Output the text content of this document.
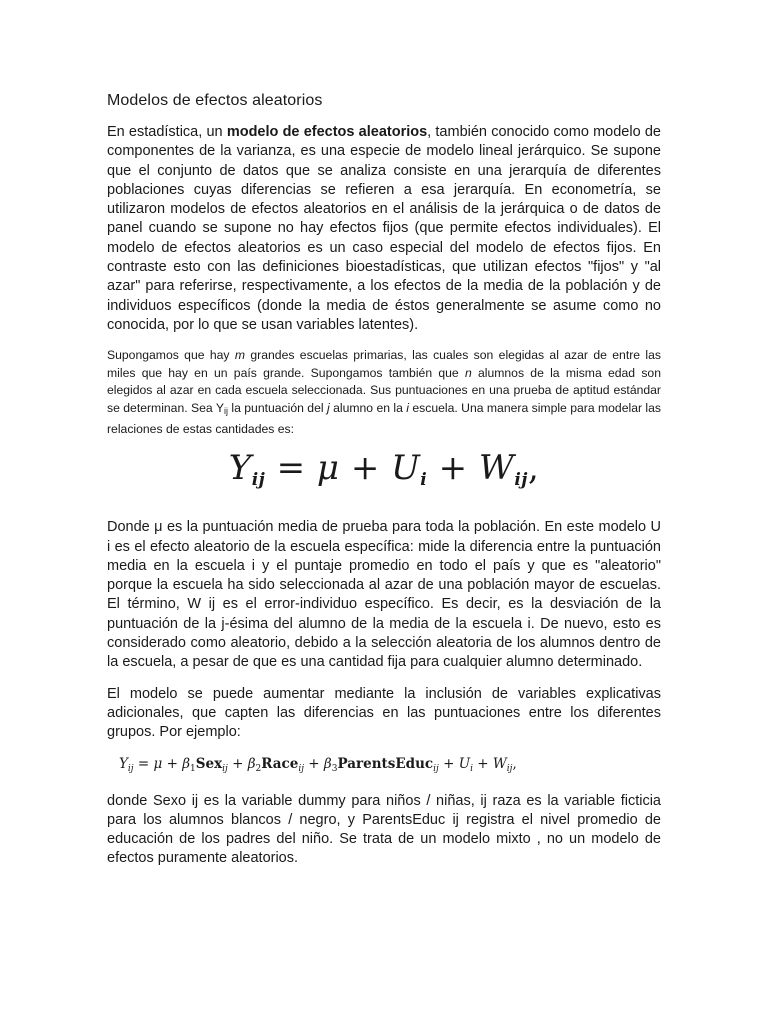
Modelos de efectos aleatorios

En estadística, un modelo de efectos aleatorios, también conocido como modelo de componentes de la varianza, es una especie de modelo lineal jerárquico. Se supone que el conjunto de datos que se analiza consiste en una jerarquía de diferentes poblaciones cuyas diferencias se refieren a esa jerarquía. En econometría, se utilizaron modelos de efectos aleatorios en el análisis de la jerárquica o de datos de panel cuando se supone no hay efectos fijos (que permite efectos individuales). El modelo de efectos aleatorios es un caso especial del modelo de efectos fijos. En contraste esto con las definiciones bioestadísticas, que utilizan efectos "fijos" y "al azar" para referirse, respectivamente, a los efectos de la media de la población y de individuos específicos (donde la media de éstos generalmente se asume como no conocida, por lo que se usan variables latentes).

Supongamos que hay m grandes escuelas primarias, las cuales son elegidas al azar de entre las miles que hay en un país grande. Supongamos también que n alumnos de la misma edad son elegidos al azar en cada escuela seleccionada. Sus puntuaciones en una prueba de aptitud estándar se determinan. Sea Yij la puntuación del j alumno en la i escuela. Una manera simple para modelar las relaciones de estas cantidades es:

$Y_{ij} = \mu + U_i + W_{ij}$,

Donde μ es la puntuación media de prueba para toda la población. En este modelo U i es el efecto aleatorio de la escuela específica: mide la diferencia entre la puntuación media en la escuela i y el puntaje promedio en todo el país y que es "aleatorio" porque la escuela ha sido seleccionada al azar de una población mayor de escuelas. El término, W ij es el error-individuo específico. Es decir, es la desviación de la puntuación de la j-ésima del alumno de la media de la escuela i. De nuevo, esto es considerado como aleatorio, debido a la selección aleatoria de los alumnos dentro de la escuela, a pesar de que es una cantidad fija para cualquier alumno determinado.

El modelo se puede aumentar mediante la inclusión de variables explicativas adicionales, que capten las diferencias en las puntuaciones entre los diferentes grupos. Por ejemplo:

$Y_{ij} = \mu + \beta_1Sex_{ij}$ + $\beta_2Race_{ij}$ + $\beta_3ParentsEduc_{ij} + U_i + W_{ij}$,

donde Sexo ij es la variable dummy para niños / niñas, ij raza es la variable ficticia para los alumnos blancos / negro, y ParentsEduc ij registra el nivel promedio de educación de los padres del niño. Se trata de un modelo mixto , no un modelo de efectos puramente aleatorios.
